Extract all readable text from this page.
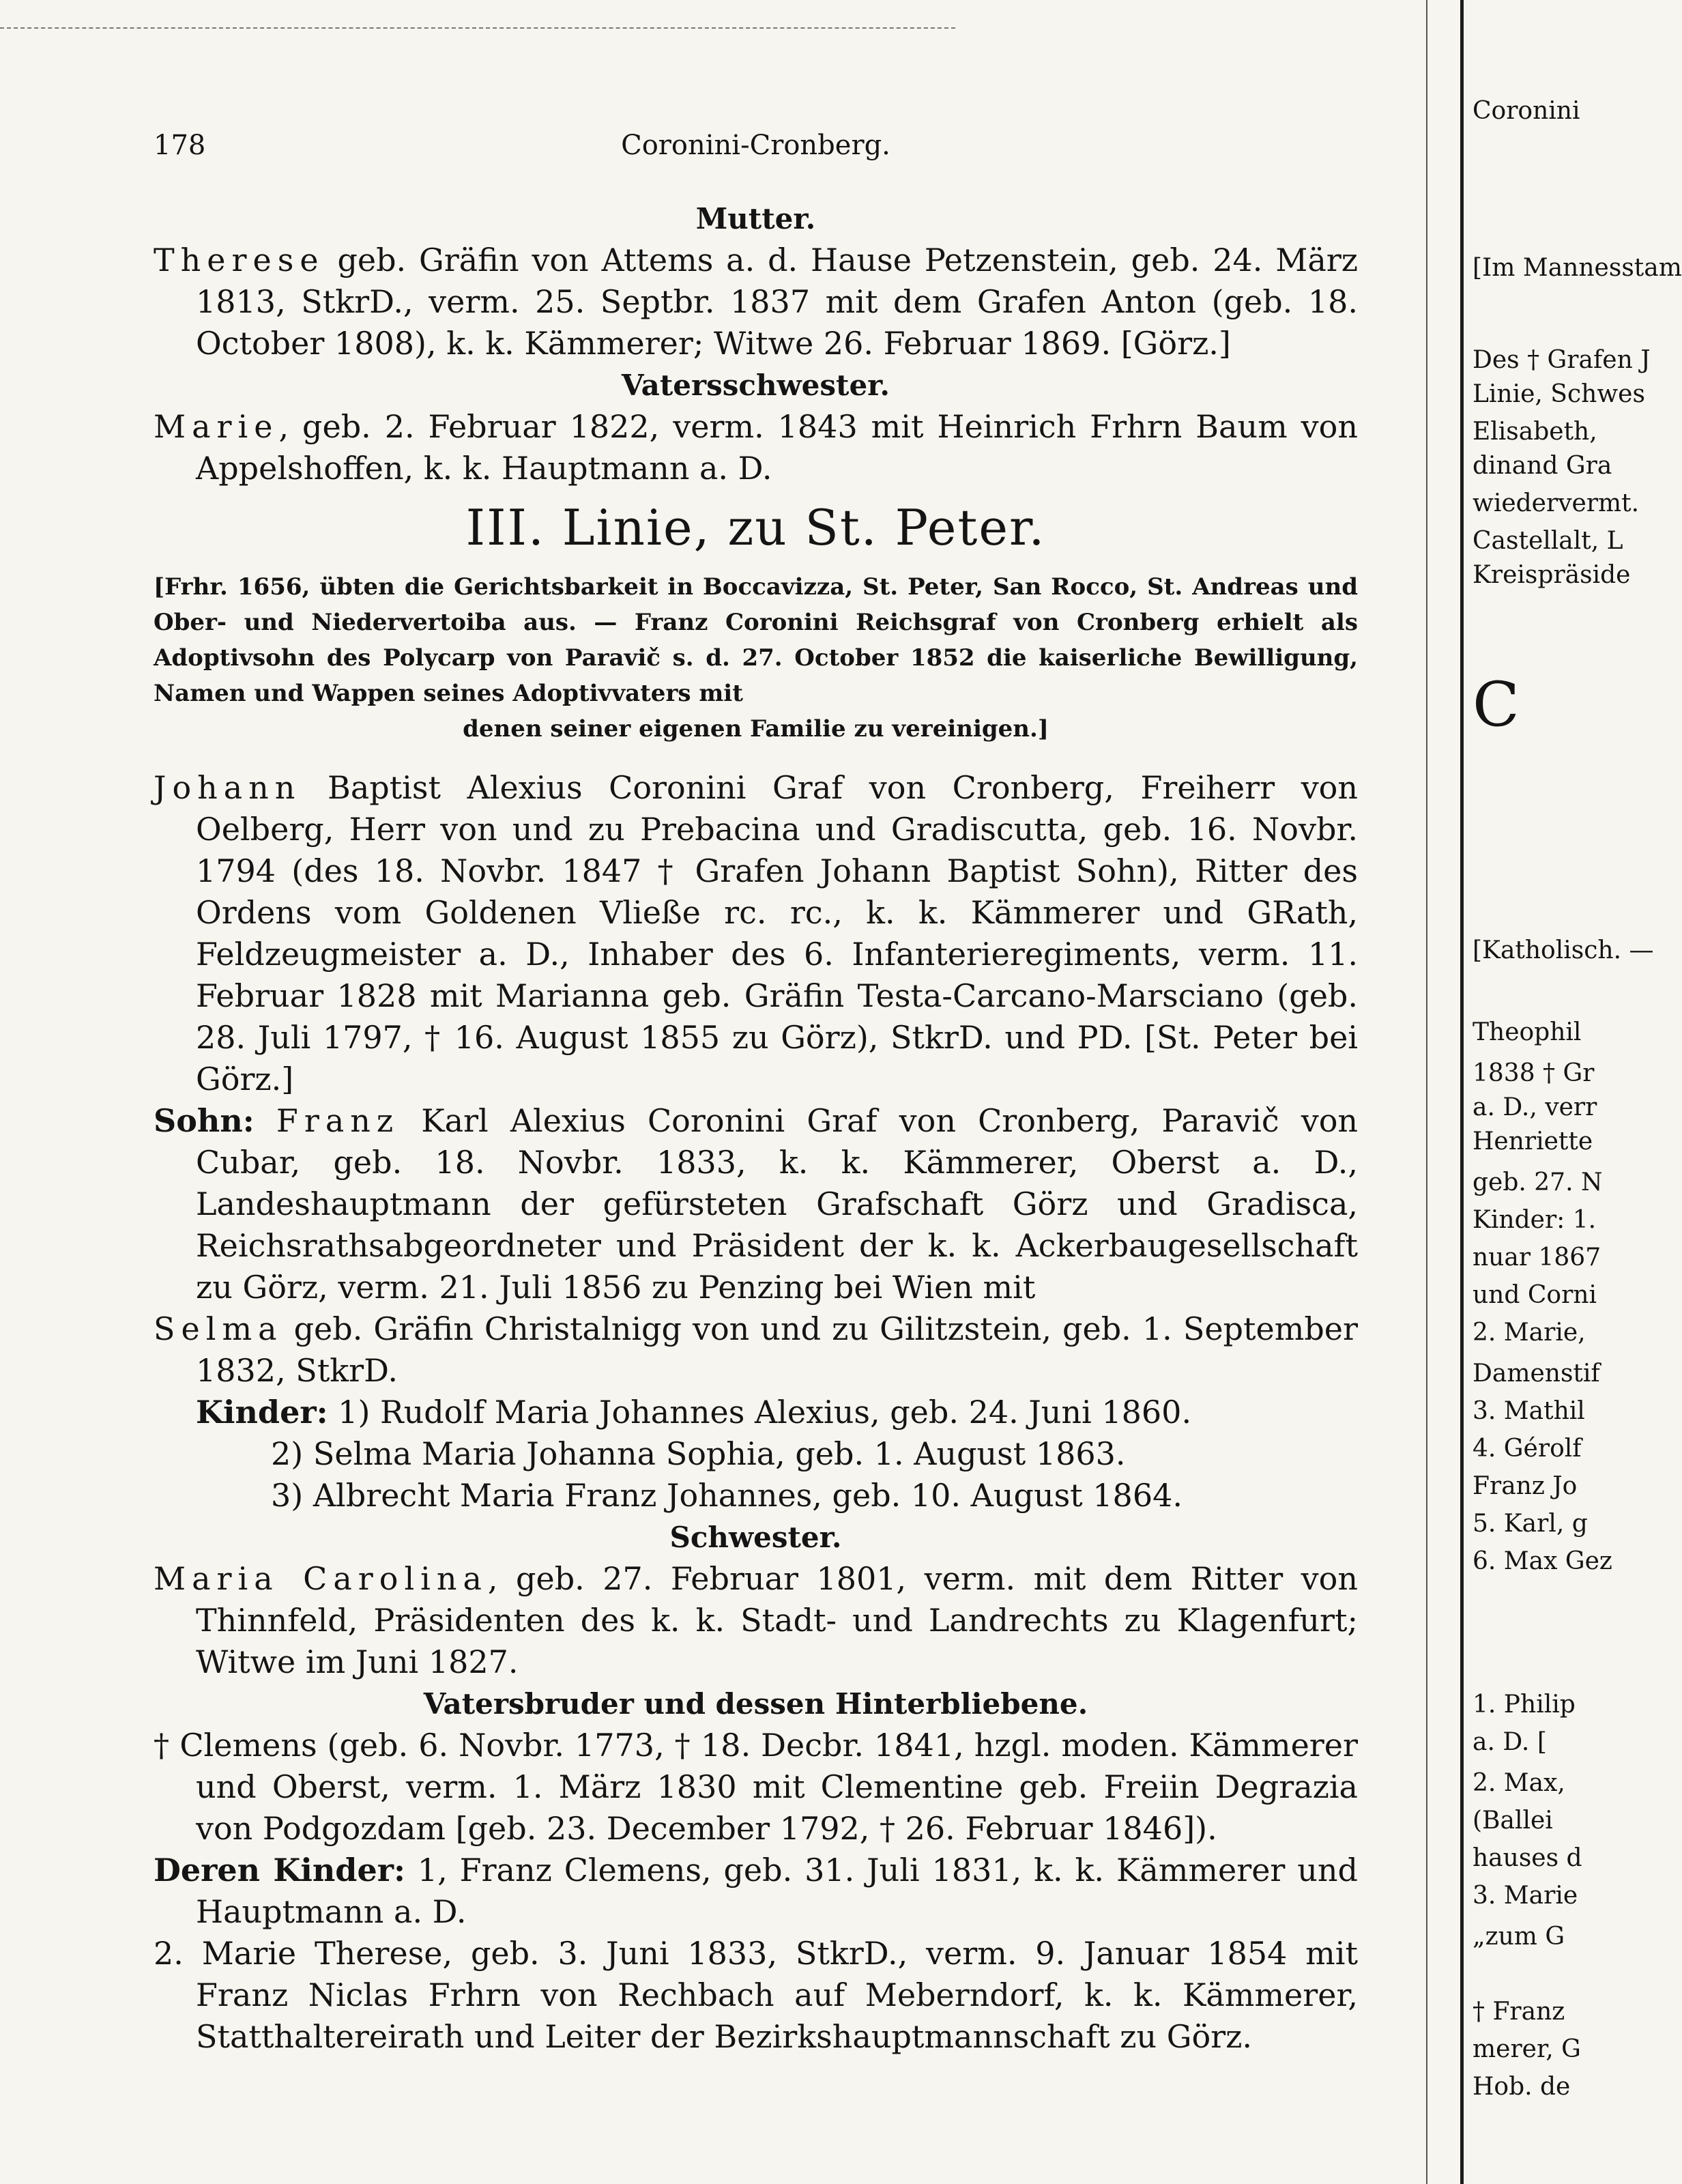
178	Coronini-Cronberg.
Mutter.

Therese geb. Gräfin von Attems a. d. Hause Petzenstein, geb. 24. März 1813, StkrD., verm. 25. Septbr. 1837 mit dem Grafen Anton (geb. 18. October 1808), k. k. Kämmerer; Witwe 26. Februar 1869. [Görz.]

Vatersschwester.

Marie, geb. 2. Februar 1822, verm. 1843 mit Heinrich Frhrn Baum von Appelshoffen, k. k. Hauptmann a. D.

III. Linie, zu St. Peter.
[Frhr. 1656, übten die Gerichtsbarkeit in Boccavizza, St. Peter, San Rocco, St. Andreas und Ober- und Niedervertoiba aus. — Franz Coronini Reichsgraf von Cronberg erhielt als Adoptivsohn des Polycarp von Paravič s. d. 27. October 1852 die kaiserliche Bewilligung, Namen und Wappen seines Adoptivvaters mit
denen seiner eigenen Familie zu vereinigen.]

Johann Baptist Alexius Coronini Graf von Cronberg, Freiherr von Oelberg, Herr von und zu Prebacina und Gradiscutta, geb. 16. Novbr. 1794 (des 18. Novbr. 1847 † Grafen Johann Baptist Sohn), Ritter des Ordens vom Goldenen Vließe rc. rc., k. k. Kämmerer und GRath, Feldzeugmeister a. D., Inhaber des 6. Infanterieregiments, verm. 11. Februar 1828 mit Marianna geb. Gräfin Testa-Carcano-Marsciano (geb. 28. Juli 1797, † 16. August 1855 zu Görz), StkrD. und PD. [St. Peter bei Görz.]

Sohn: Franz Karl Alexius Coronini Graf von Cronberg, Paravič von Cubar, geb. 18. Novbr. 1833, k. k. Kämmerer, Oberst a. D., Landeshauptmann der gefürsteten Grafschaft Görz und Gradisca, Reichsrathsabgeordneter und Präsident der k. k. Ackerbaugesellschaft zu Görz, verm. 21. Juli 1856 zu Penzing bei Wien mit

Selma geb. Gräfin Christalnigg von und zu Gilitzstein, geb. 1. September 1832, StkrD.

Kinder: 1) Rudolf Maria Johannes Alexius, geb. 24. Juni 1860.
2) Selma Maria Johanna Sophia, geb. 1. August 1863.
3) Albrecht Maria Franz Johannes, geb. 10. August 1864.
Schwester.

Maria Carolina, geb. 27. Februar 1801, verm. mit dem Ritter von Thinnfeld, Präsidenten des k. k. Stadt- und Landrechts zu Klagenfurt; Witwe im Juni 1827.

Vatersbruder und dessen Hinterbliebene.

† Clemens (geb. 6. Novbr. 1773, † 18. Decbr. 1841, hzgl. moden. Kämmerer und Oberst, verm. 1. März 1830 mit Clementine geb. Freiin Degrazia von Podgozdam [geb. 23. December 1792, † 26. Februar 1846]).

Deren Kinder: 1, Franz Clemens, geb. 31. Juli 1831, k. k. Kämmerer und Hauptmann a. D.

2. Marie Therese, geb. 3. Juni 1833, StkrD., verm. 9. Januar 1854 mit Franz Niclas Frhrn von Rechbach auf Meberndorf, k. k. Kämmerer, Statthaltereirath und Leiter der Bezirkshauptmannschaft zu Görz.

Coronini
[Im Mannesstam
Des † Grafen J
Linie, Schwes
Elisabeth,
dinand Gra
wiedervermt.
Castellalt, L
Kreispräside
C
[Katholisch. —
Theophil
1838 † Gr
a. D., verr
Henriette
geb. 27. N
Kinder: 1.
nuar 1867
und Corni
2. Marie,
Damenstif
3. Mathil
4. Gérolf
Franz Jo
5. Karl, g
6. Max Gez
1. Philip
a. D. [
2. Max,
(Ballei
hauses d
3. Marie
„zum G
† Franz
merer, G
Hob. de
